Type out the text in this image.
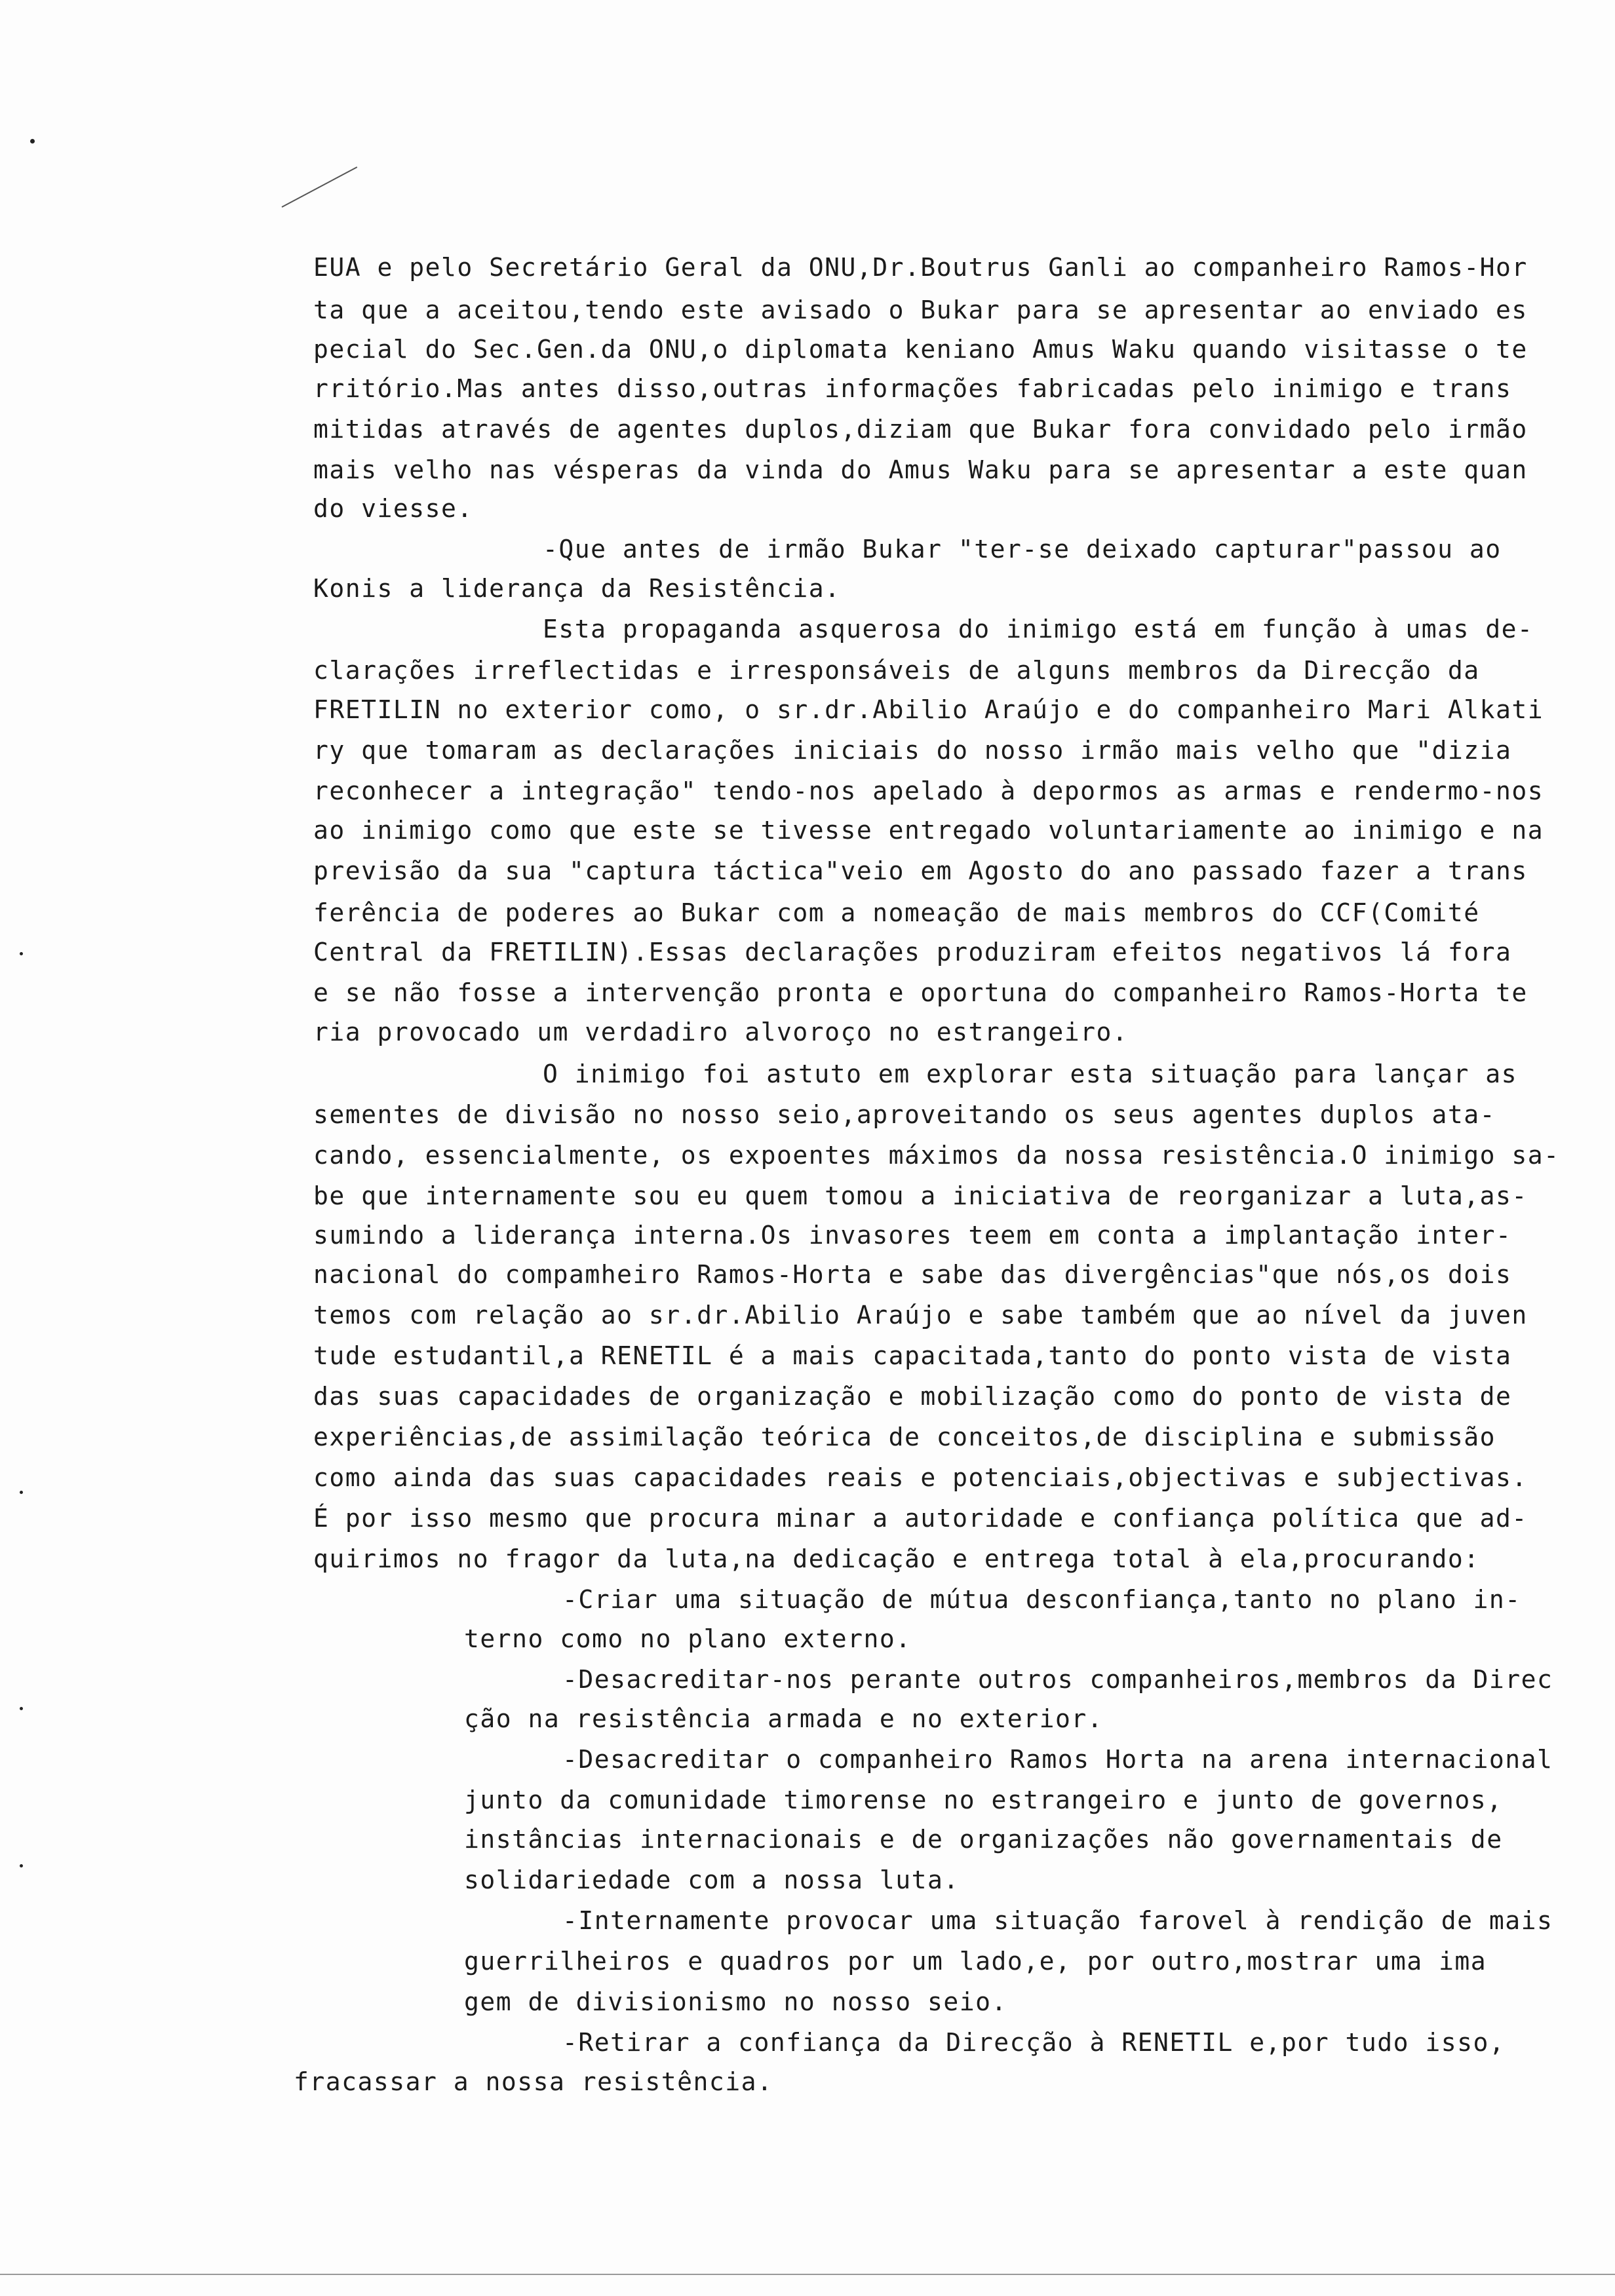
EUA e pelo Secretário Geral da ONU,Dr.Boutrus Ganli ao companheiro Ramos-Hor
ta que a aceitou,tendo este avisado o Bukar para se apresentar ao enviado es
pecial do Sec.Gen.da ONU,o diplomata keniano Amus Waku quando visitasse o te
rritório.Mas antes disso,outras informações fabricadas pelo inimigo e trans
mitidas através de agentes duplos,diziam que Bukar fora convidado pelo irmão
mais velho nas vésperas da vinda do Amus Waku para se apresentar a este quan
do viesse.
-Que antes de irmão Bukar "ter-se deixado capturar"passou ao
Konis a liderança da Resistência.
Esta propaganda asquerosa do inimigo está em função à umas de-
clarações irreflectidas e irresponsáveis de alguns membros da Direcção da
FRETILIN no exterior como, o sr.dr.Abilio Araújo e do companheiro Mari Alkati
ry que tomaram as declarações iniciais do nosso irmão mais velho que "dizia
reconhecer a integração" tendo-nos apelado à depormos as armas e rendermo-nos
ao inimigo como que este se tivesse entregado voluntariamente ao inimigo e na
previsão da sua "captura táctica"veio em Agosto do ano passado fazer a trans
ferência de poderes ao Bukar com a nomeação de mais membros do CCF(Comité
Central da FRETILIN).Essas declarações produziram efeitos negativos lá fora
e se não fosse a intervenção pronta e oportuna do companheiro Ramos-Horta te
ria provocado um verdadiro alvoroço no estrangeiro.
O inimigo foi astuto em explorar esta situação para lançar as
sementes de divisão no nosso seio,aproveitando os seus agentes duplos ata-
cando, essencialmente, os expoentes máximos da nossa resistência.O inimigo sa-
be que internamente sou eu quem tomou a iniciativa de reorganizar a luta,as-
sumindo a liderança interna.Os invasores teem em conta a implantação inter-
nacional do compamheiro Ramos-Horta e sabe das divergências"que nós,os dois
temos com relação ao sr.dr.Abilio Araújo e sabe também que ao nível da juven
tude estudantil,a RENETIL é a mais capacitada,tanto do ponto vista de vista
das suas capacidades de organização e mobilização como do ponto de vista de
experiências,de assimilação teórica de conceitos,de disciplina e submissão
como ainda das suas capacidades reais e potenciais,objectivas e subjectivas.
É por isso mesmo que procura minar a autoridade e confiança política que ad-
quirimos no fragor da luta,na dedicação e entrega total à ela,procurando:
-Criar uma situação de mútua desconfiança,tanto no plano in-
terno como no plano externo.
-Desacreditar-nos perante outros companheiros,membros da Direc
ção na resistência armada e no exterior.
-Desacreditar o companheiro Ramos Horta na arena internacional
junto da comunidade timorense no estrangeiro e junto de governos,
instâncias internacionais e de organizações não governamentais de
solidariedade com a nossa luta.
-Internamente provocar uma situação farovel à rendição de mais
guerrilheiros e quadros por um lado,e, por outro,mostrar uma ima
gem de divisionismo no nosso seio.
-Retirar a confiança da Direcção à RENETIL e,por tudo isso,
fracassar a nossa resistência.
